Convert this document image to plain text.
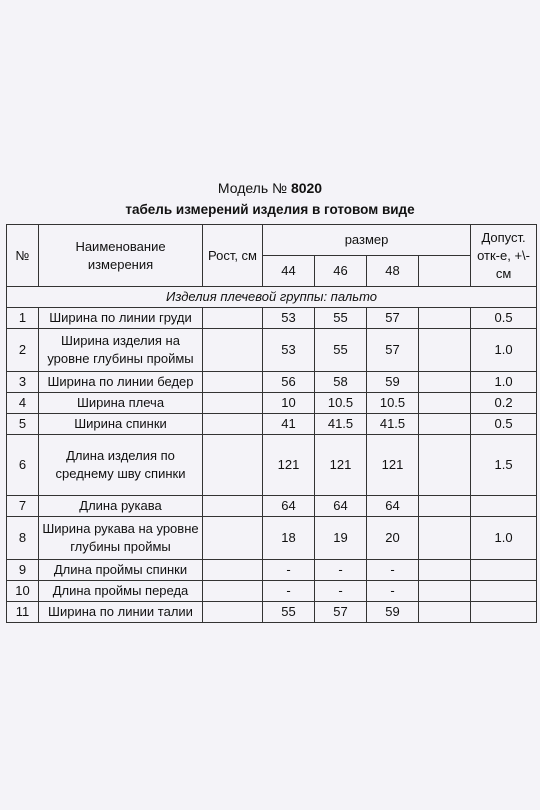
Модель № 8020
табель измерений изделия в готовом виде
№	Наименование измерения	Рост, см	размер				Допуст. отк-е, +\-см
			44	46	48		
Изделия плечевой группы: пальто							
1	Ширина по линии груди		53	55	57		0.5
2	Ширина изделия на уровне глубины проймы		53	55	57		1.0
3	Ширина по линии бедер		56	58	59		1.0
4	Ширина плеча		10	10.5	10.5		0.2
5	Ширина спинки		41	41.5	41.5		0.5
6	Длина изделия по среднему шву спинки		121	121	121		1.5
7	Длина рукава		64	64	64		
8	Ширина рукава на уровне глубины проймы		18	19	20		1.0
9	Длина проймы спинки		-	-	-		
10	Длина проймы переда		-	-	-		
11	Ширина по линии талии		55	57	59		
